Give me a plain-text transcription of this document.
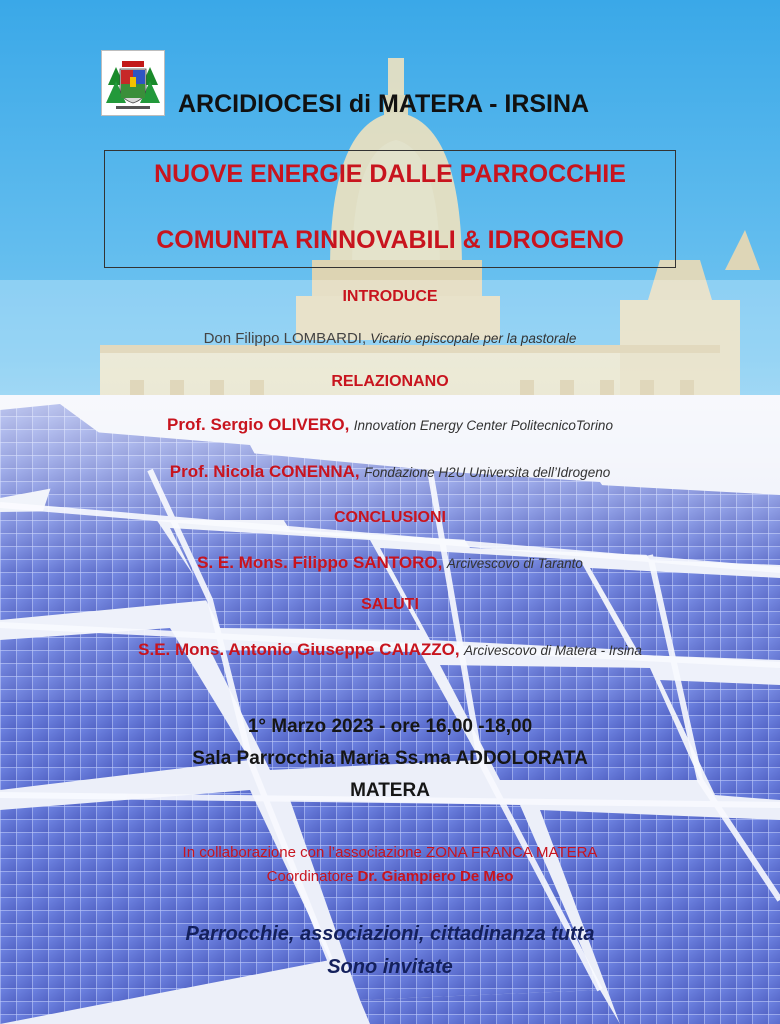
ARCIDIOCESI di MATERA - IRSINA
NUOVE ENERGIE DALLE PARROCCHIE
COMUNITA RINNOVABILI & IDROGENO
INTRODUCE
Don Filippo LOMBARDI, Vicario episcopale per la pastorale
RELAZIONANO
Prof. Sergio OLIVERO, Innovation Energy Center PolitecnicoTorino
Prof. Nicola CONENNA, Fondazione H2U Universita dell’Idrogeno
CONCLUSIONI
S. E. Mons. Filippo SANTORO, Arcivescovo di Taranto
SALUTI
S.E. Mons. Antonio Giuseppe CAIAZZO, Arcivescovo di Matera - Irsina
1° Marzo 2023 - ore 16,00 -18,00
Sala Parrocchia Maria Ss.ma ADDOLORATA
MATERA
In collaborazione con l’associazione ZONA FRANCA MATERA
Coordinatore Dr. Giampiero De Meo
Parrocchie, associazioni, cittadinanza tutta
Sono invitate
